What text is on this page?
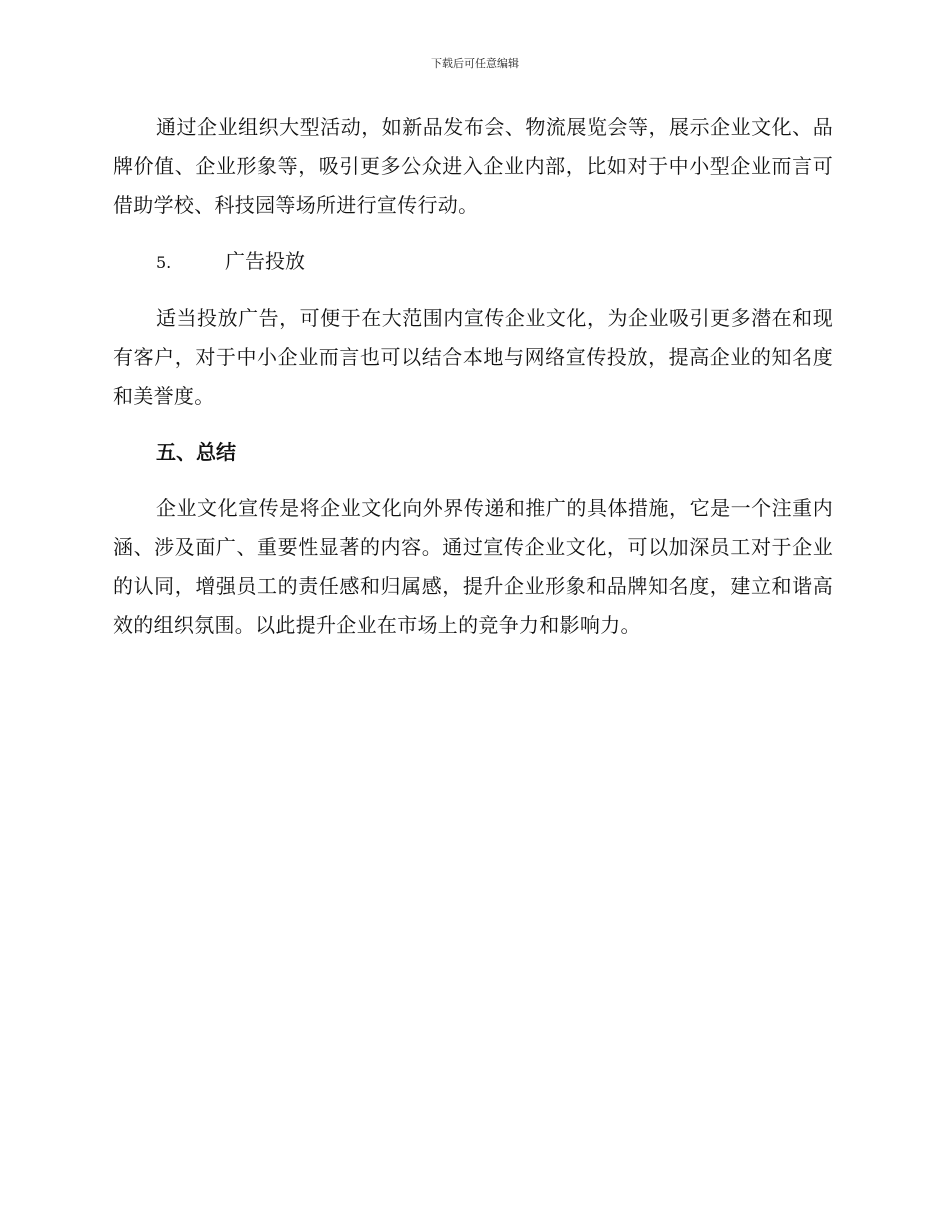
下载后可任意编辑

通过企业组织大型活动，如新品发布会、物流展览会等，展示企业文化、品牌价值、企业形象等，吸引更多公众进入企业内部，比如对于中小型企业而言可借助学校、科技园等场所进行宣传行动。

5.	广告投放

适当投放广告，可便于在大范围内宣传企业文化，为企业吸引更多潜在和现有客户，对于中小企业而言也可以结合本地与网络宣传投放，提高企业的知名度和美誉度。

五、总结

企业文化宣传是将企业文化向外界传递和推广的具体措施，它是一个注重内涵、涉及面广、重要性显著的内容。通过宣传企业文化，可以加深员工对于企业的认同，增强员工的责任感和归属感，提升企业形象和品牌知名度，建立和谐高效的组织氛围。以此提升企业在市场上的竞争力和影响力。
